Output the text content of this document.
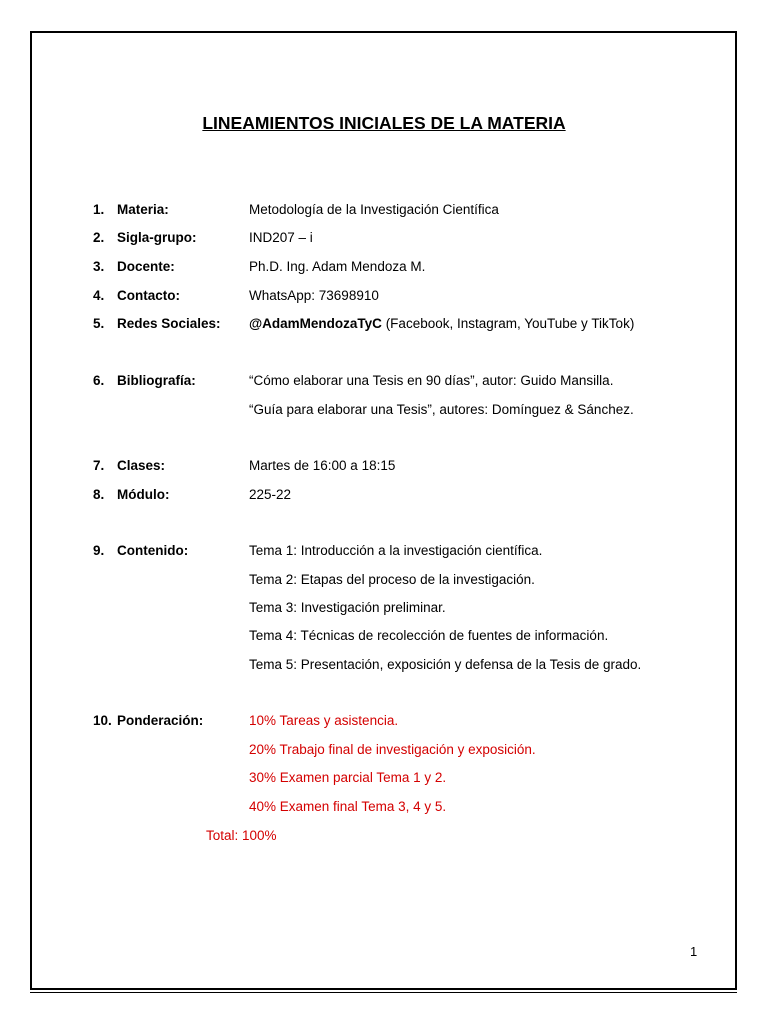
LINEAMIENTOS INICIALES DE LA MATERIA
1. Materia:	Metodología de la Investigación Científica
2. Sigla-grupo:	IND207 – i
3. Docente:	Ph.D. Ing. Adam Mendoza M.
4. Contacto:	WhatsApp: 73698910
5. Redes Sociales: @AdamMendozaTyC (Facebook, Instagram, YouTube y TikTok)
6. Bibliografía:	“Cómo elaborar una Tesis en 90 días”, autor: Guido Mansilla.
“Guía para elaborar una Tesis”, autores: Domínguez & Sánchez.
7. Clases:	Martes de 16:00 a 18:15
8. Módulo:	225-22
9. Contenido:	Tema 1: Introducción a la investigación científica.
Tema 2: Etapas del proceso de la investigación.
Tema 3: Investigación preliminar.
Tema 4: Técnicas de recolección de fuentes de información.
Tema 5: Presentación, exposición y defensa de la Tesis de grado.
10. Ponderación:	10% Tareas y asistencia.
20% Trabajo final de investigación y exposición.
30% Examen parcial Tema 1 y 2.
40% Examen final Tema 3, 4 y 5.
Total: 100%
1
